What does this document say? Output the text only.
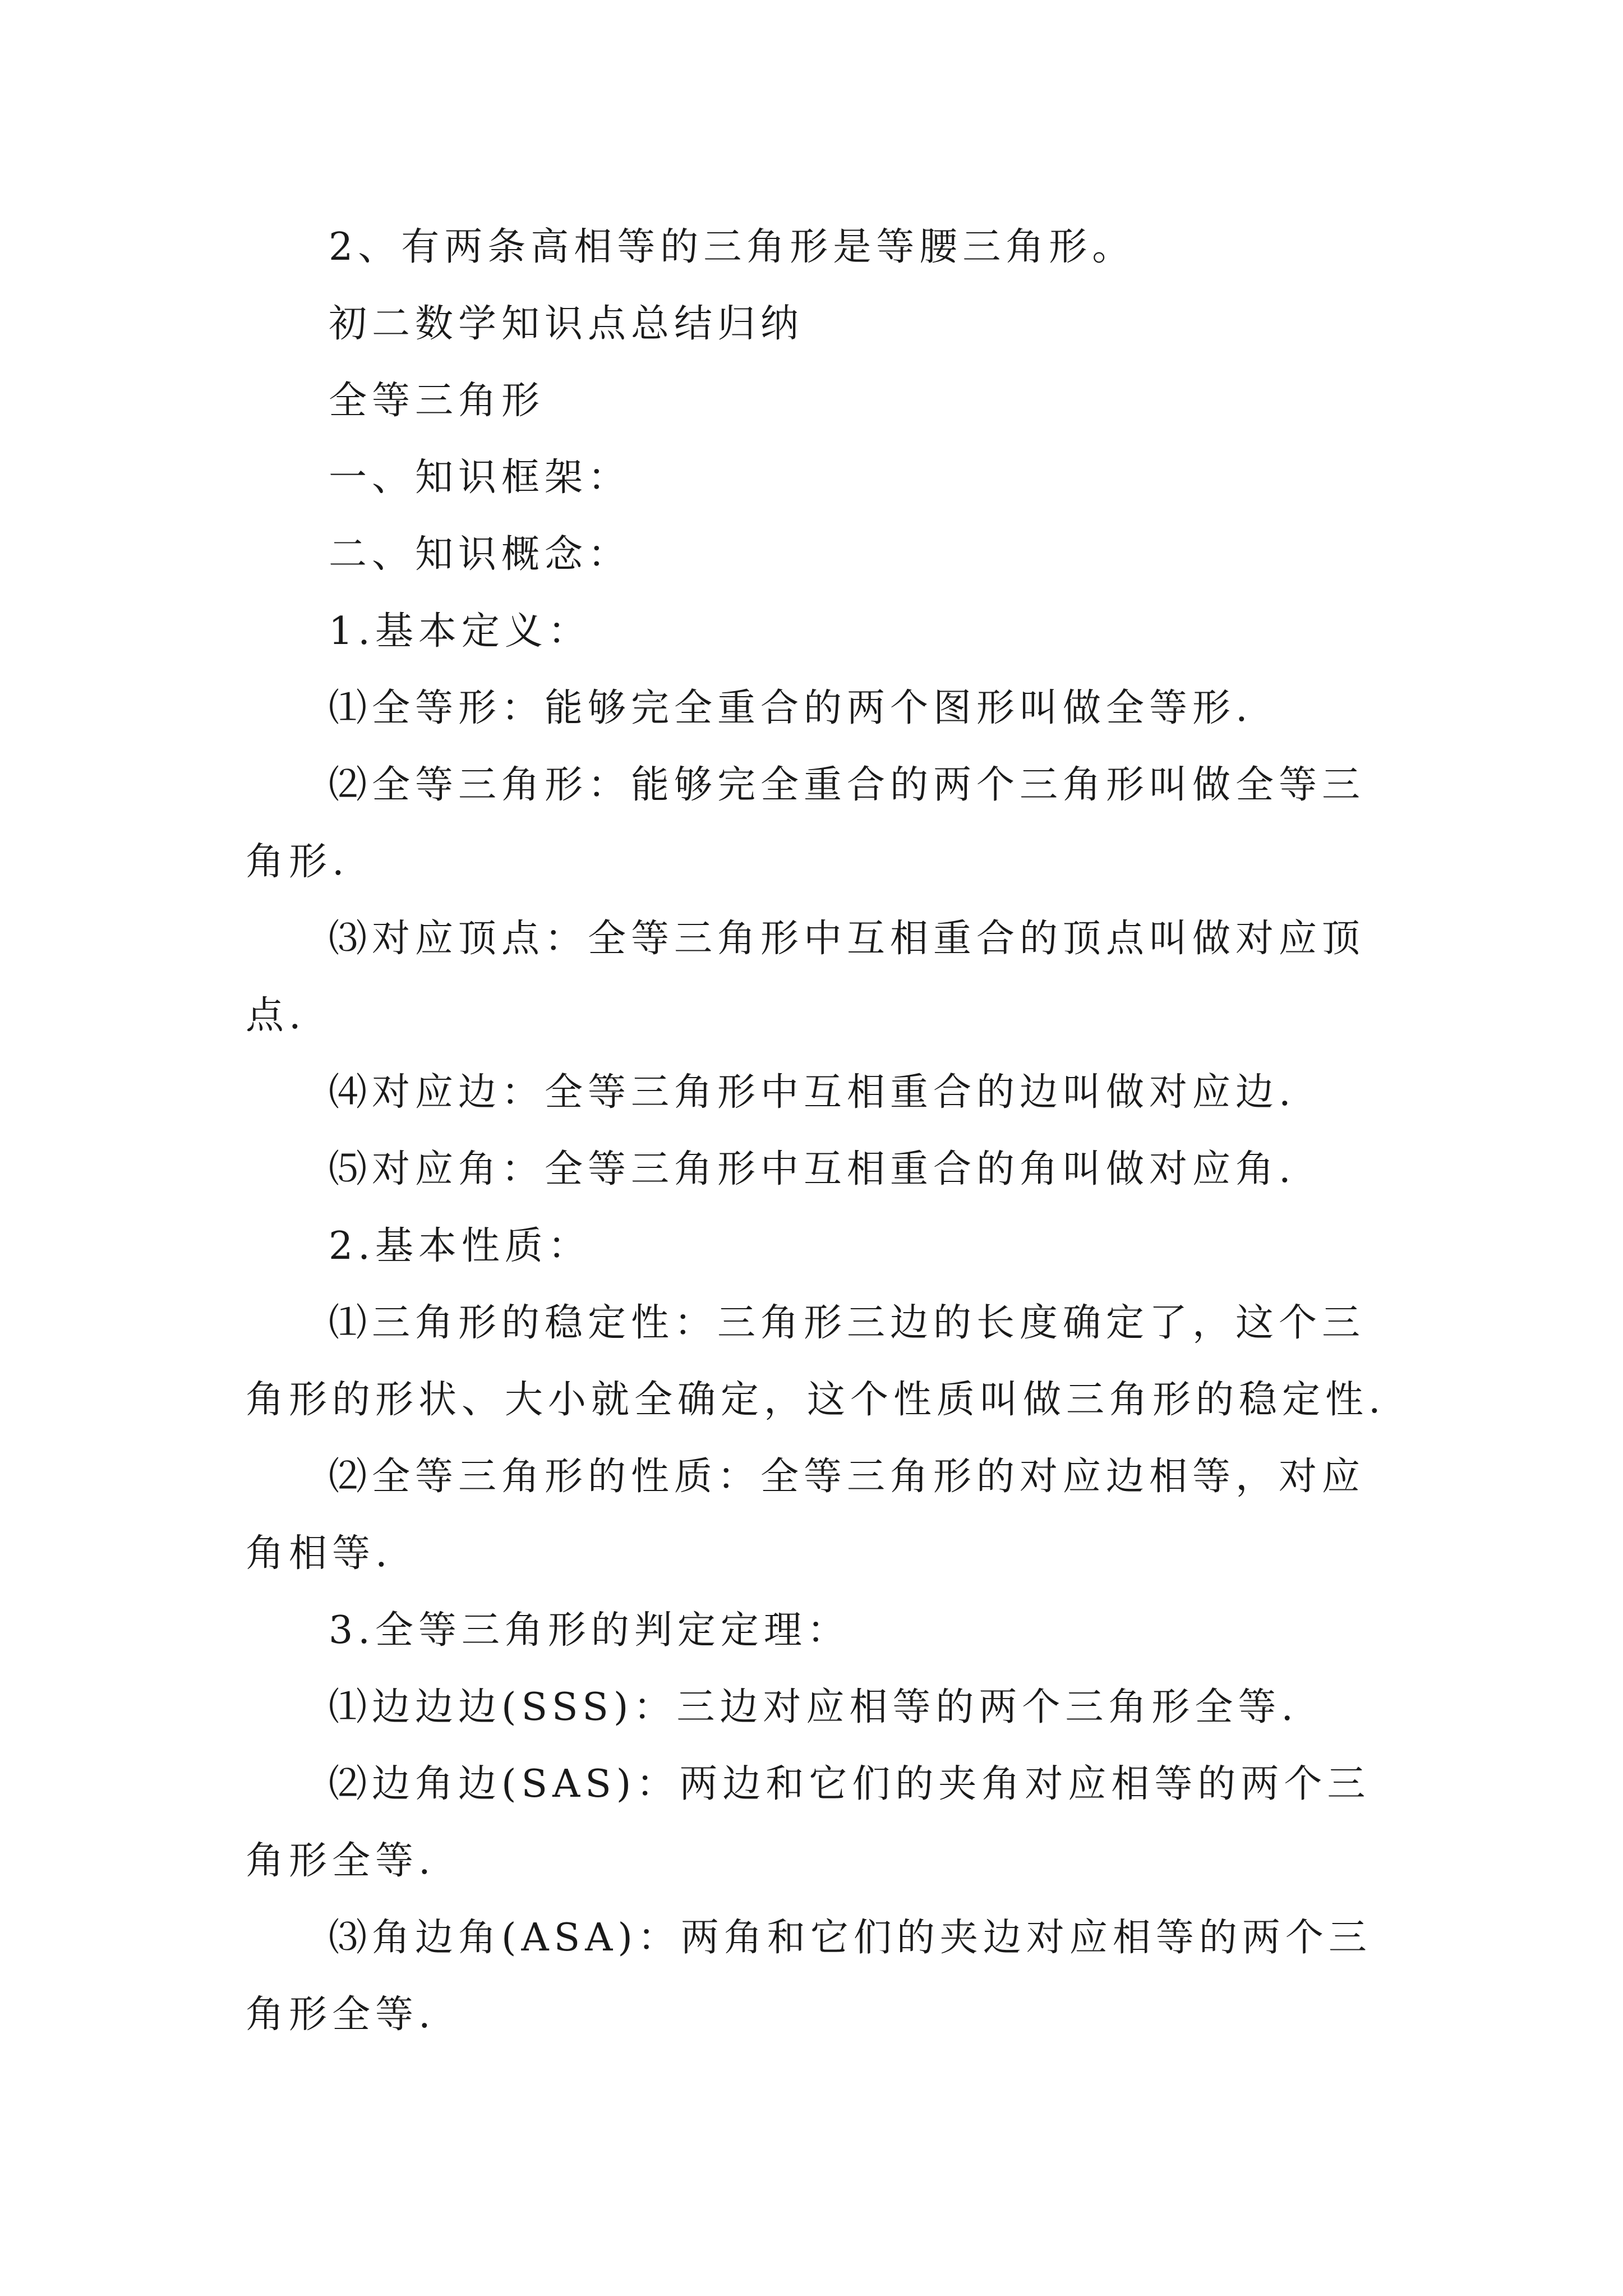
2、有两条高相等的三角形是等腰三角形。

初二数学知识点总结归纳

全等三角形

一、知识框架：

二、知识概念：

1.基本定义：

⑴全等形：能够完全重合的两个图形叫做全等形.

⑵全等三角形：能够完全重合的两个三角形叫做全等三角形.

⑶对应顶点：全等三角形中互相重合的顶点叫做对应顶点.

⑷对应边：全等三角形中互相重合的边叫做对应边.

⑸对应角：全等三角形中互相重合的角叫做对应角.

2.基本性质：

⑴三角形的稳定性：三角形三边的长度确定了，这个三角形的形状、大小就全确定，这个性质叫做三角形的稳定性.

⑵全等三角形的性质：全等三角形的对应边相等，对应角相等.

3.全等三角形的判定定理：

⑴边边边(SSS)：三边对应相等的两个三角形全等.

⑵边角边(SAS)：两边和它们的夹角对应相等的两个三角形全等.

⑶角边角(ASA)：两角和它们的夹边对应相等的两个三角形全等.
